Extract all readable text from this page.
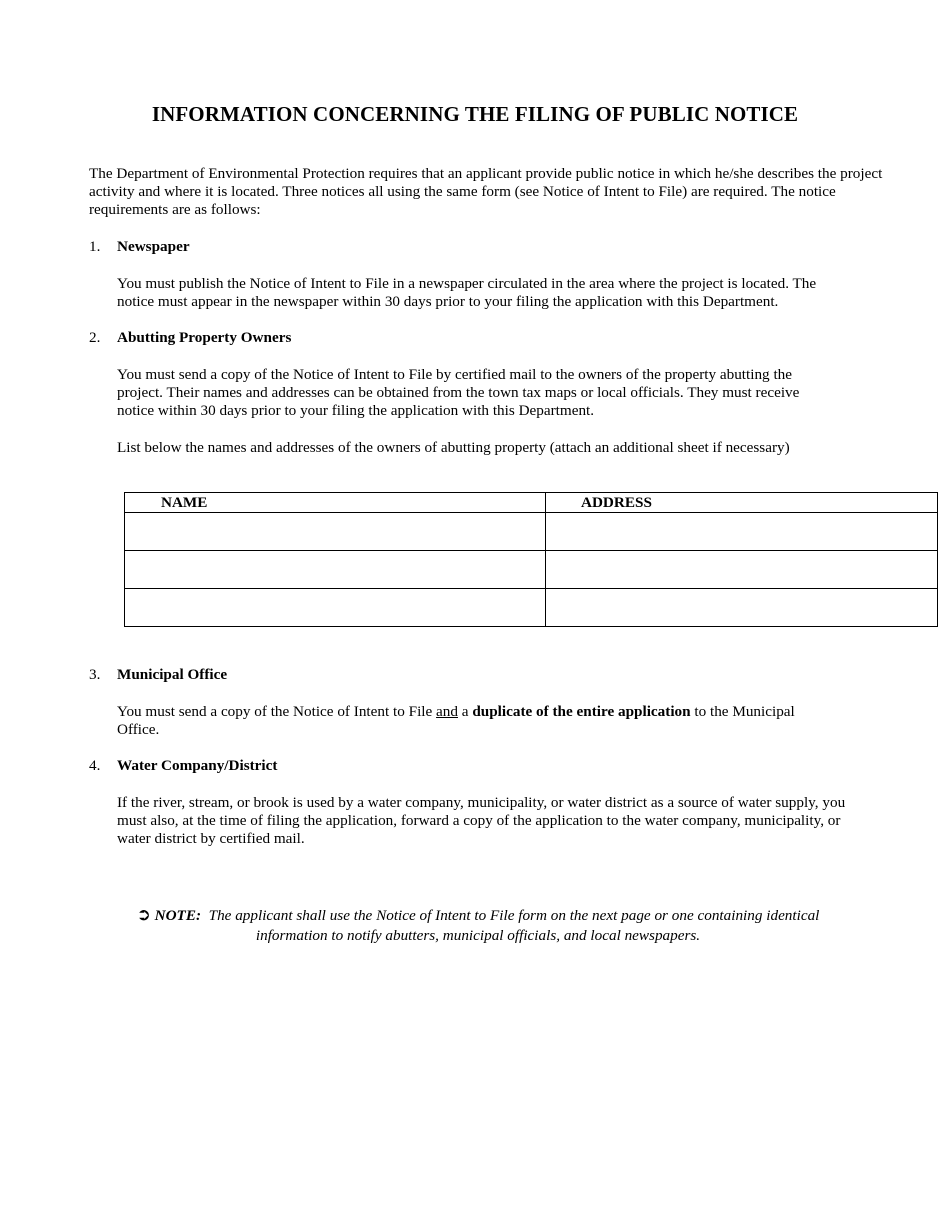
INFORMATION CONCERNING THE FILING OF PUBLIC NOTICE

The Department of Environmental Protection requires that an applicant provide public notice in which he/she describes the project activity and where it is located. Three notices all using the same form (see Notice of Intent to File) are required. The notice requirements are as follows:

1. Newspaper

You must publish the Notice of Intent to File in a newspaper circulated in the area where the project is located. The notice must appear in the newspaper within 30 days prior to your filing the application with this Department.

2. Abutting Property Owners

You must send a copy of the Notice of Intent to File by certified mail to the owners of the property abutting the project. Their names and addresses can be obtained from the town tax maps or local officials. They must receive notice within 30 days prior to your filing the application with this Department.

List below the names and addresses of the owners of abutting property (attach an additional sheet if necessary)

NAME	ADDRESS

3. Municipal Office

You must send a copy of the Notice of Intent to File and a duplicate of the entire application to the Municipal Office.

4. Water Company/District

If the river, stream, or brook is used by a water company, municipality, or water district as a source of water supply, you must also, at the time of filing the application, forward a copy of the application to the water company, municipality, or water district by certified mail.

➲ NOTE: The applicant shall use the Notice of Intent to File form on the next page or one containing identical information to notify abutters, municipal officials, and local newspapers.
